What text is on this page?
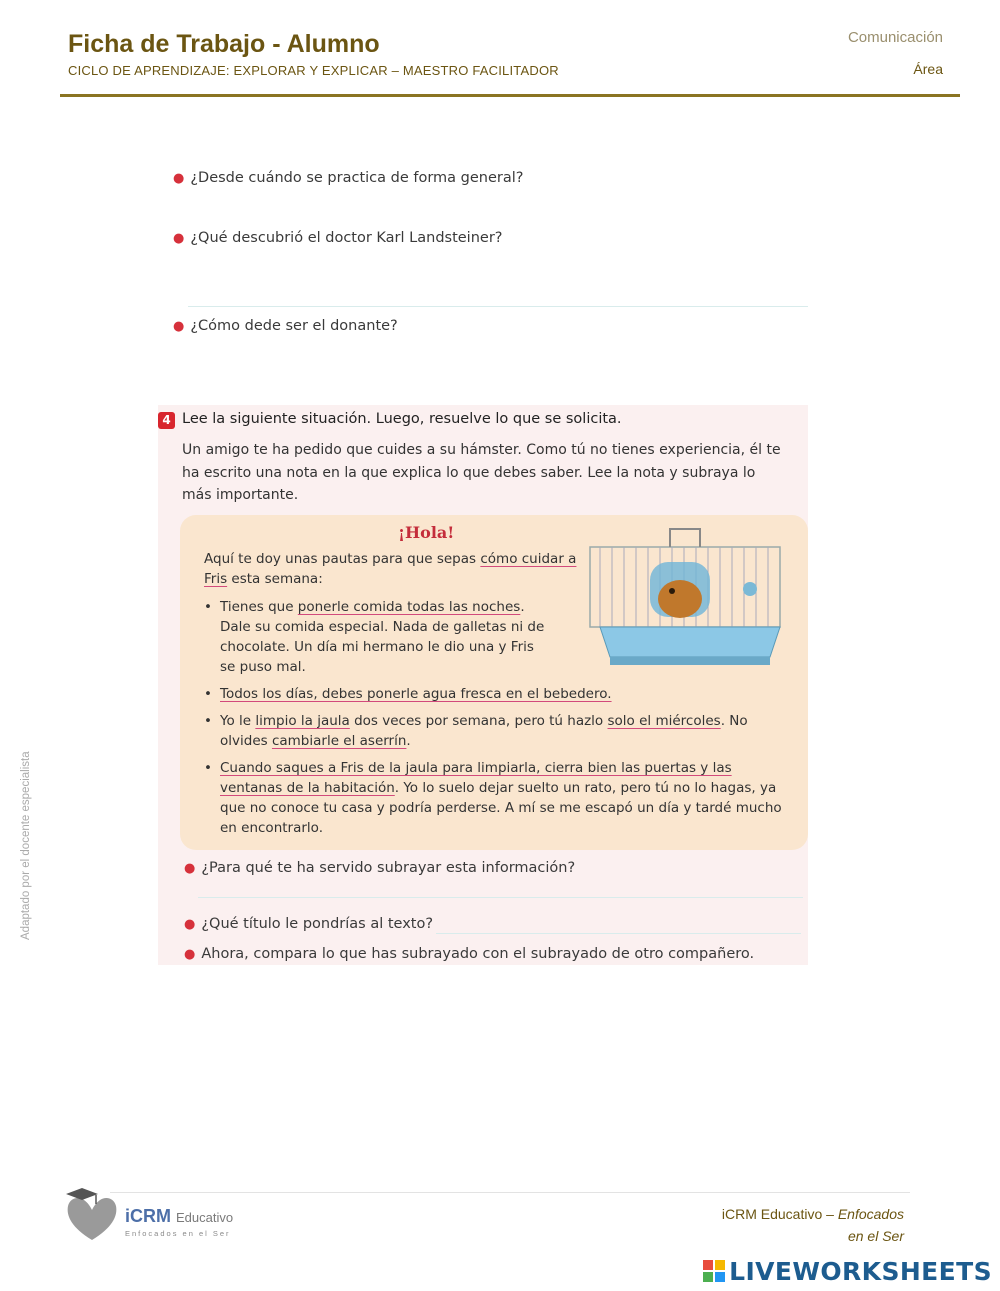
Ficha de Trabajo - Alumno
CICLO DE APRENDIZAJE: EXPLORAR Y EXPLICAR – MAESTRO FACILITADOR
Comunicación
Área
Adaptado por el docente especialista
● ¿Desde cuándo se practica de forma general?
● ¿Qué descubrió el doctor Karl Landsteiner?
● ¿Cómo dede ser el donante?
4 Lee la siguiente situación. Luego, resuelve lo que se solicita.
Un amigo te ha pedido que cuides a su hámster. Como tú no tienes experiencia, él te ha escrito una nota en la que explica lo que debes saber. Lee la nota y subraya lo más importante.
¡Hola!
Aquí te doy unas pautas para que sepas cómo cuidar a Fris esta semana:
• Tienes que ponerle comida todas las noches. Dale su comida especial. Nada de galletas ni de chocolate. Un día mi hermano le dio una y Fris se puso mal.
• Todos los días, debes ponerle agua fresca en el bebedero.
• Yo le limpio la jaula dos veces por semana, pero tú hazlo solo el miércoles. No olvides cambiarle el aserrín.
• Cuando saques a Fris de la jaula para limpiarla, cierra bien las puertas y las ventanas de la habitación. Yo lo suelo dejar suelto un rato, pero tú no lo hagas, ya que no conoce tu casa y podría perderse. A mí se me escapó un día y tardé mucho en encontrarlo.
● ¿Para qué te ha servido subrayar esta información?
● ¿Qué título le pondrías al texto?
● Ahora, compara lo que has subrayado con el subrayado de otro compañero.
iCRM Educativo
Enfocados en el Ser
iCRM Educativo – Enfocados
en el Ser
LIVEWORKSHEETS
